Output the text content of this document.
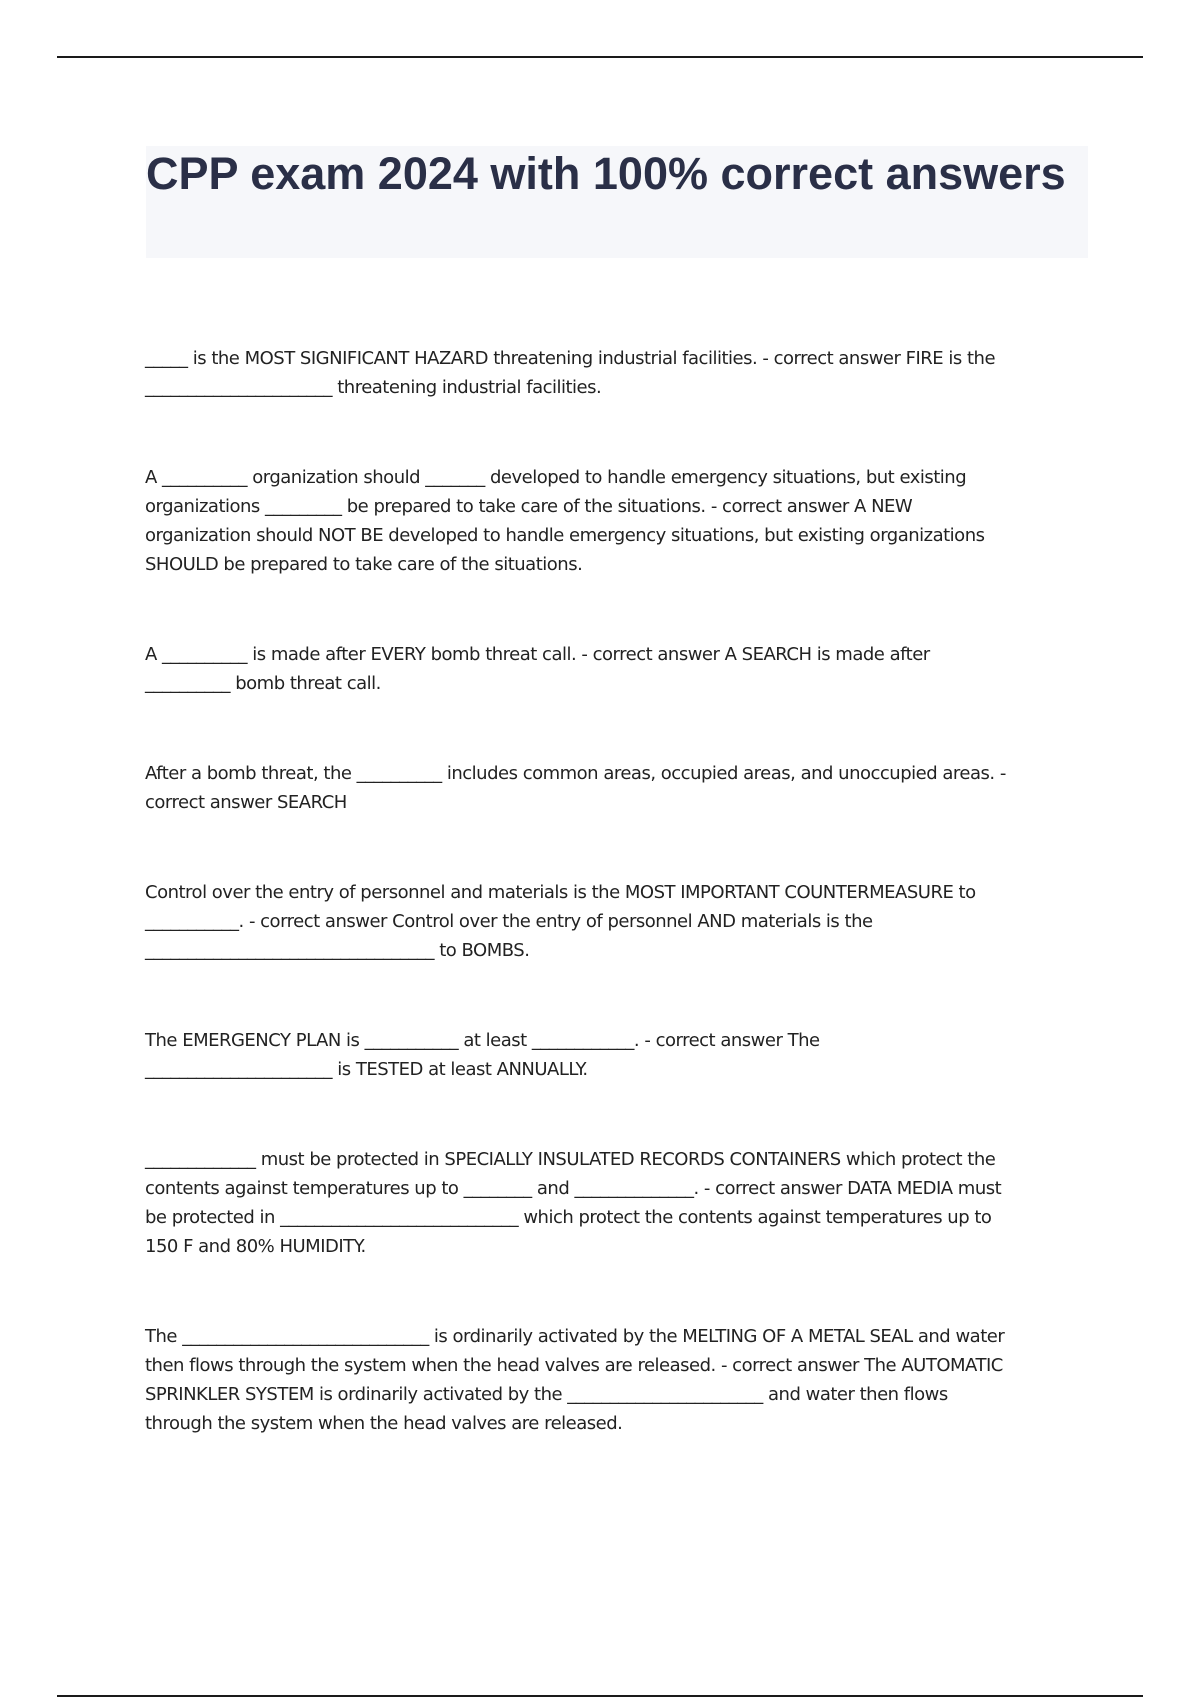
CPP exam 2024 with 100% correct answers

_____ is the MOST SIGNIFICANT HAZARD threatening industrial facilities. - correct answer FIRE is the
______________________ threatening industrial facilities.

A __________ organization should _______ developed to handle emergency situations, but existing
organizations _________ be prepared to take care of the situations. - correct answer A NEW
organization should NOT BE developed to handle emergency situations, but existing organizations
SHOULD be prepared to take care of the situations.

A __________ is made after EVERY bomb threat call. - correct answer A SEARCH is made after
__________ bomb threat call.

After a bomb threat, the __________ includes common areas, occupied areas, and unoccupied areas. -
correct answer SEARCH

Control over the entry of personnel and materials is the MOST IMPORTANT COUNTERMEASURE to
___________. - correct answer Control over the entry of personnel AND materials is the
__________________________________ to BOMBS.

The EMERGENCY PLAN is ___________ at least ____________. - correct answer The
______________________ is TESTED at least ANNUALLY.

_____________ must be protected in SPECIALLY INSULATED RECORDS CONTAINERS which protect the
contents against temperatures up to ________ and ______________. - correct answer DATA MEDIA must
be protected in ____________________________ which protect the contents against temperatures up to
150 F and 80% HUMIDITY.

The _____________________________ is ordinarily activated by the MELTING OF A METAL SEAL and water
then flows through the system when the head valves are released. - correct answer The AUTOMATIC
SPRINKLER SYSTEM is ordinarily activated by the _______________________ and water then flows
through the system when the head valves are released.
